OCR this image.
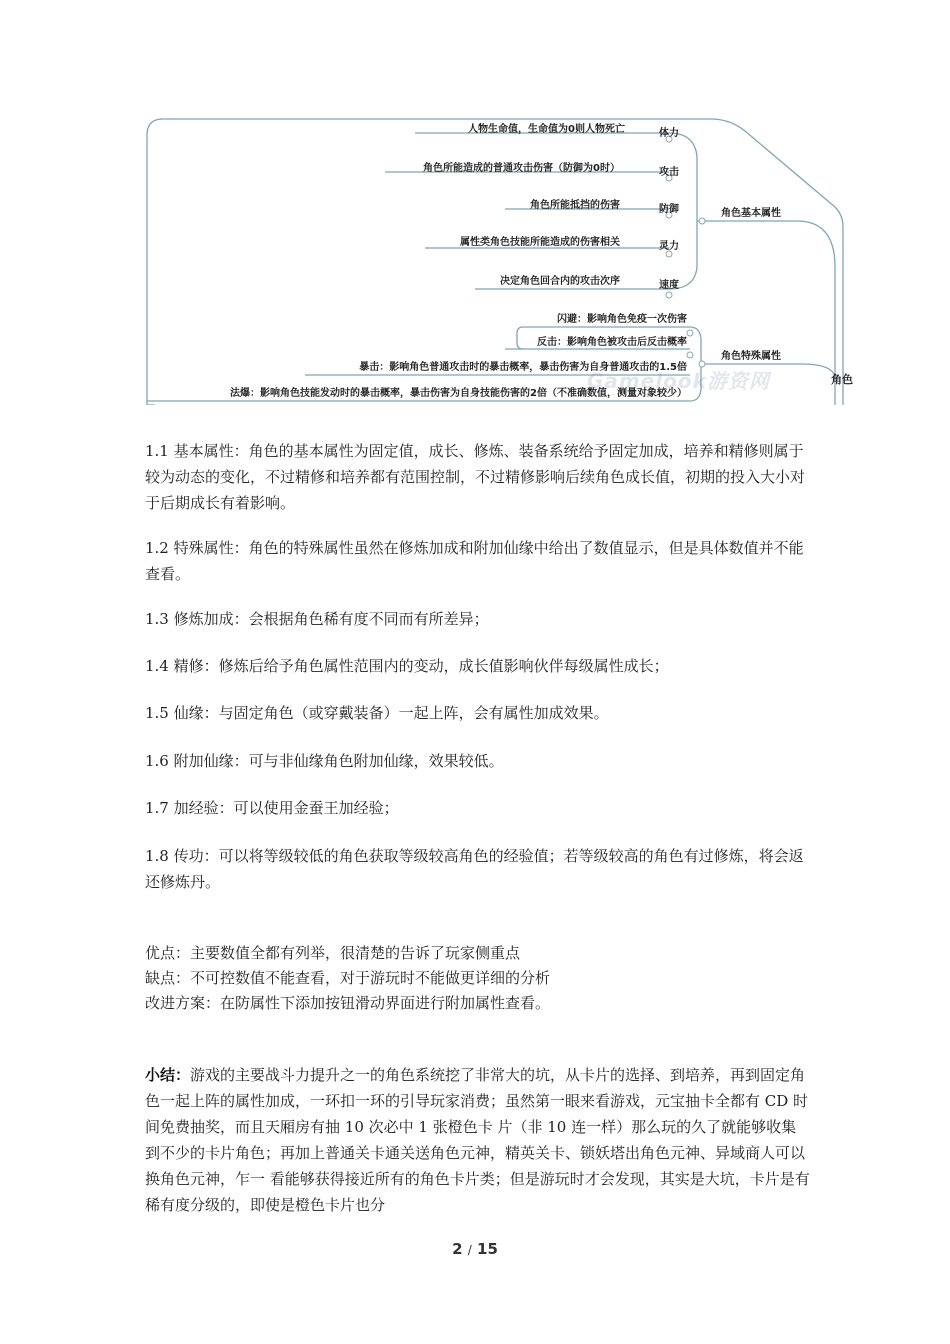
人物生命值，生命值为0则人物死亡	体力
角色所能造成的普通攻击伤害（防御为0时）	攻击
角色所能抵挡的伤害	防御
属性类角色技能所能造成的伤害相关	灵力
决定角色回合内的攻击次序	速度
角色基本属性
闪避：影响角色免疫一次伤害
反击：影响角色被攻击后反击概率
暴击：影响角色普通攻击时的暴击概率，暴击伤害为自身普通攻击的1.5倍
法爆：影响角色技能发动时的暴击概率，暴击伤害为自身技能伤害的2倍（不准确数值，测量对象较少）
角色特殊属性
角色
Gamelook游资网

1.1 基本属性：角色的基本属性为固定值，成长、修炼、装备系统给予固定加成，培养和精修则属于较为动态的变化，不过精修和培养都有范围控制，不过精修影响后续角色成长值，初期的投入大小对于后期成长有着影响。

1.2 特殊属性：角色的特殊属性虽然在修炼加成和附加仙缘中给出了数值显示，但是具体数值并不能查看。

1.3 修炼加成：会根据角色稀有度不同而有所差异；

1.4 精修：修炼后给予角色属性范围内的变动，成长值影响伙伴每级属性成长；

1.5 仙缘：与固定角色（或穿戴装备）一起上阵，会有属性加成效果。

1.6 附加仙缘：可与非仙缘角色附加仙缘，效果较低。

1.7 加经验：可以使用金蚕王加经验；

1.8 传功：可以将等级较低的角色获取等级较高角色的经验值；若等级较高的角色有过修炼，将会返还修炼丹。

优点：主要数值全都有列举，很清楚的告诉了玩家侧重点

缺点：不可控数值不能查看，对于游玩时不能做更详细的分析

改进方案：在防属性下添加按钮滑动界面进行附加属性查看。

小结：游戏的主要战斗力提升之一的角色系统挖了非常大的坑，从卡片的选择、到培养，再到固定角色一起上阵的属性加成，一环扣一环的引导玩家消费；虽然第一眼来看游戏，元宝抽卡全都有 CD 时间免费抽奖，而且天厢房有抽 10 次必中 1 张橙色卡 片（非 10 连一样）那么玩的久了就能够收集到不少的卡片角色；再加上普通关卡通关送角色元神，精英关卡、锁妖塔出角色元神、异域商人可以换角色元神，乍一 看能够获得接近所有的角色卡片类；但是游玩时才会发现，其实是大坑，卡片是有稀有度分级的，即使是橙色卡片也分

2 / 15
